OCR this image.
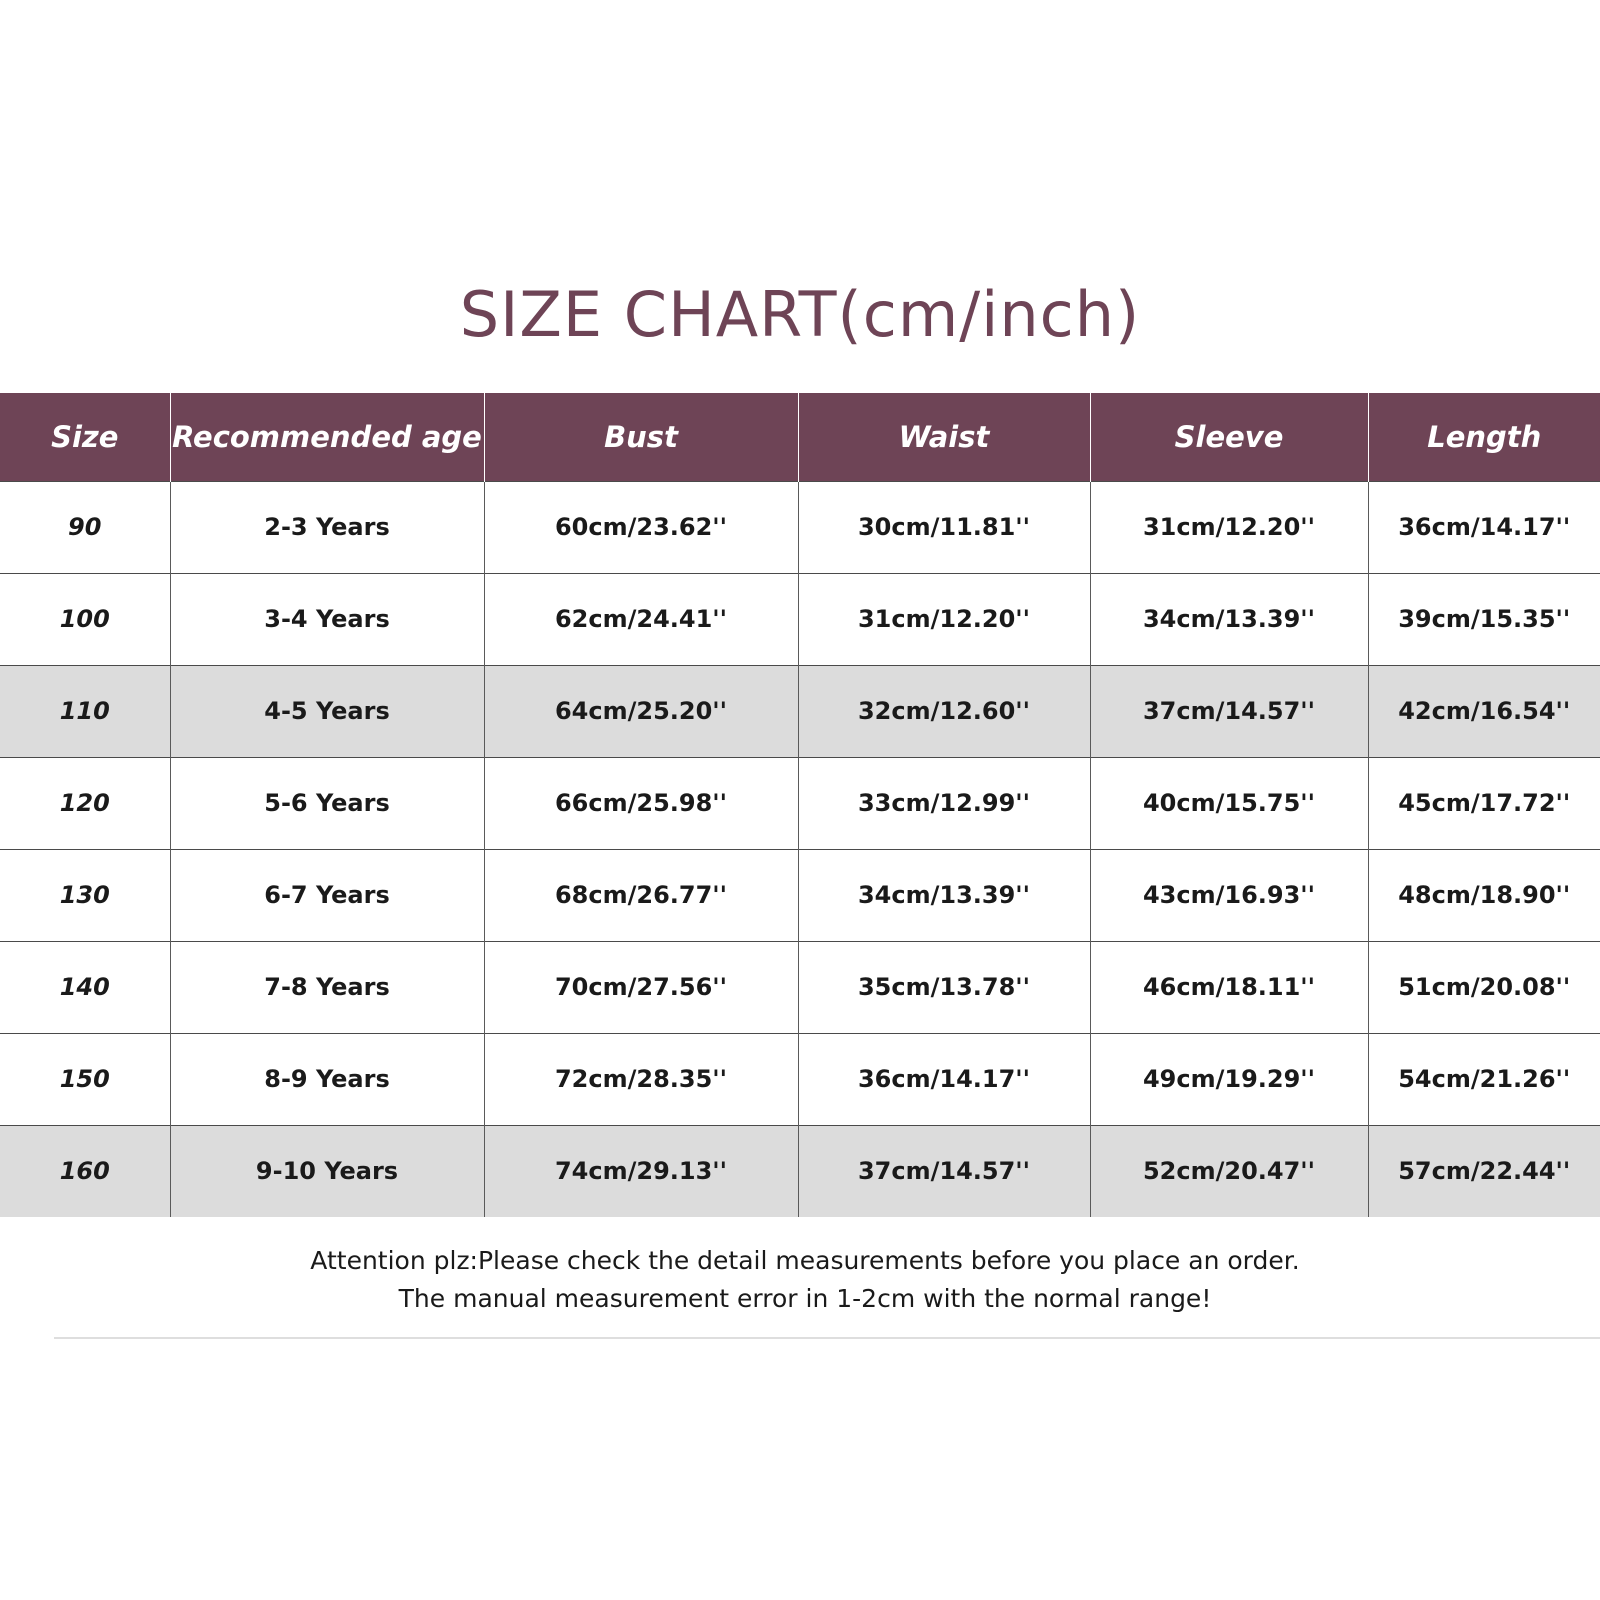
SIZE CHART(cm/inch)
Size	Recommended age	Bust	Waist	Sleeve	Length
90	2-3 Years	60cm/23.62''	30cm/11.81''	31cm/12.20''	36cm/14.17''
100	3-4 Years	62cm/24.41''	31cm/12.20''	34cm/13.39''	39cm/15.35''
110	4-5 Years	64cm/25.20''	32cm/12.60''	37cm/14.57''	42cm/16.54''
120	5-6 Years	66cm/25.98''	33cm/12.99''	40cm/15.75''	45cm/17.72''
130	6-7 Years	68cm/26.77''	34cm/13.39''	43cm/16.93''	48cm/18.90''
140	7-8 Years	70cm/27.56''	35cm/13.78''	46cm/18.11''	51cm/20.08''
150	8-9 Years	72cm/28.35''	36cm/14.17''	49cm/19.29''	54cm/21.26''
160	9-10 Years	74cm/29.13''	37cm/14.57''	52cm/20.47''	57cm/22.44''
Attention plz:Please check the detail measurements before you place an order.
The manual measurement error in 1-2cm with the normal range!
